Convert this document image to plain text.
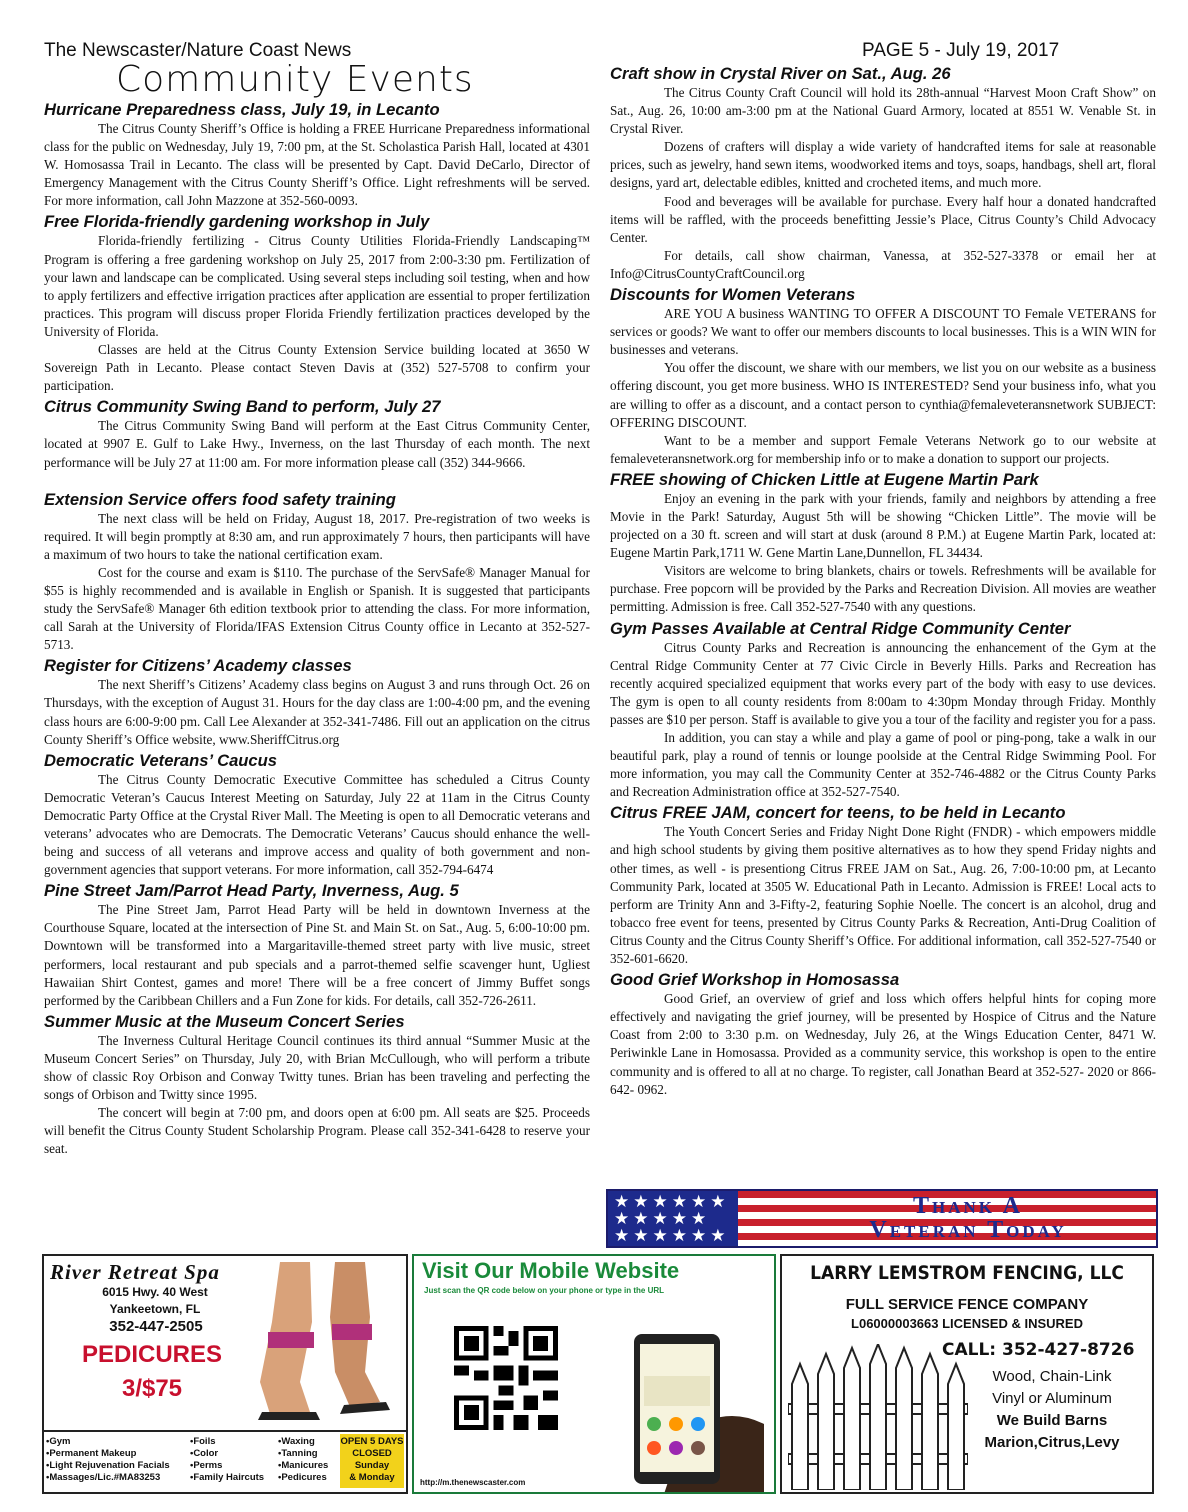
The Newscaster/Nature Coast News	PAGE 5 - July 19, 2017
Community Events
Hurricane Preparedness class, July 19, in Lecanto

The Citrus County Sheriff’s Office is holding a FREE Hurricane Preparedness informational class for the public on Wednesday, July 19, 7:00 pm, at the St. Scholastica Parish Hall, located at 4301 W. Homosassa Trail in Lecanto. The class will be presented by Capt. David DeCarlo, Director of Emergency Management with the Citrus County Sheriff’s Office. Light refreshments will be served. For more information, call John Mazzone at 352-560-0093.

Free Florida-friendly gardening workshop in July

Florida-friendly fertilizing - Citrus County Utilities Florida-Friendly Landscaping™ Program is offering a free gardening workshop on July 25, 2017 from 2:00-3:30 pm. Fertilization of your lawn and landscape can be complicated. Using several steps including soil testing, when and how to apply fertilizers and effective irrigation practices after application are essential to proper fertilization practices. This program will discuss proper Florida Friendly fertilization practices developed by the University of Florida.

Classes are held at the Citrus County Extension Service building located at 3650 W Sovereign Path in Lecanto. Please contact Steven Davis at (352) 527-5708 to confirm your participation.

Citrus Community Swing Band to perform, July 27

The Citrus Community Swing Band will perform at the East Citrus Community Center, located at 9907 E. Gulf to Lake Hwy., Inverness, on the last Thursday of each month. The next performance will be July 27 at 11:00 am. For more information please call (352) 344-9666.

Extension Service offers food safety training

The next class will be held on Friday, August 18, 2017. Pre-registration of two weeks is required. It will begin promptly at 8:30 am, and run approximately 7 hours, then participants will have a maximum of two hours to take the national certification exam.

Cost for the course and exam is $110. The purchase of the ServSafe® Manager Manual for $55 is highly recommended and is available in English or Spanish. It is suggested that participants study the ServSafe® Manager 6th edition textbook prior to attending the class. For more information, call Sarah at the University of Florida/IFAS Extension Citrus County office in Lecanto at 352-527-5713.

Register for Citizens’ Academy classes

The next Sheriff’s Citizens’ Academy class begins on August 3 and runs through Oct. 26 on Thursdays, with the exception of August 31. Hours for the day class are 1:00-4:00 pm, and the evening class hours are 6:00-9:00 pm. Call Lee Alexander at 352-341-7486. Fill out an application on the citrus County Sheriff’s Office website, www.SheriffCitrus.org

Democratic Veterans’ Caucus

The Citrus County Democratic Executive Committee has scheduled a Citrus County Democratic Veteran’s Caucus Interest Meeting on Saturday, July 22 at 11am in the Citrus County Democratic Party Office at the Crystal River Mall. The Meeting is open to all Democratic veterans and veterans’ advocates who are Democrats. The Democratic Veterans’ Caucus should enhance the well-being and success of all veterans and improve access and quality of both government and non-government agencies that support veterans. For more information, call 352-794-6474

Pine Street Jam/Parrot Head Party, Inverness, Aug. 5

The Pine Street Jam, Parrot Head Party will be held in downtown Inverness at the Courthouse Square, located at the intersection of Pine St. and Main St. on Sat., Aug. 5, 6:00-10:00 pm. Downtown will be transformed into a Margaritaville-themed street party with live music, street performers, local restaurant and pub specials and a parrot-themed selfie scavenger hunt, Ugliest Hawaiian Shirt Contest, games and more! There will be a free concert of Jimmy Buffet songs performed by the Caribbean Chillers and a Fun Zone for kids. For details, call 352-726-2611.

Summer Music at the Museum Concert Series

The Inverness Cultural Heritage Council continues its third annual “Summer Music at the Museum Concert Series” on Thursday, July 20, with Brian McCullough, who will perform a tribute show of classic Roy Orbison and Conway Twitty tunes. Brian has been traveling and perfecting the songs of Orbison and Twitty since 1995.

The concert will begin at 7:00 pm, and doors open at 6:00 pm. All seats are $25. Proceeds will benefit the Citrus County Student Scholarship Program. Please call 352-341-6428 to reserve your seat.

Craft show in Crystal River on Sat., Aug. 26

The Citrus County Craft Council will hold its 28th-annual “Harvest Moon Craft Show” on Sat., Aug. 26, 10:00 am-3:00 pm at the National Guard Armory, located at 8551 W. Venable St. in Crystal River.

Dozens of crafters will display a wide variety of handcrafted items for sale at reasonable prices, such as jewelry, hand sewn items, woodworked items and toys, soaps, handbags, shell art, floral designs, yard art, delectable edibles, knitted and crocheted items, and much more.

Food and beverages will be available for purchase. Every half hour a donated handcrafted items will be raffled, with the proceeds benefitting Jessie’s Place, Citrus County’s Child Advocacy Center.

For details, call show chairman, Vanessa, at 352-527-3378 or email her at Info@CitrusCountyCraftCouncil.org

Discounts for Women Veterans

ARE YOU A business WANTING TO OFFER A DISCOUNT TO Female VETERANS for services or goods? We want to offer our members discounts to local businesses. This is a WIN WIN for businesses and veterans.

You offer the discount, we share with our members, we list you on our website as a business offering discount, you get more business. WHO IS INTERESTED? Send your business info, what you are willing to offer as a discount, and a contact person to cynthia@femaleveteransnetwork SUBJECT: OFFERING DISCOUNT.

Want to be a member and support Female Veterans Network go to our website at femaleveteransnetwork.org for membership info or to make a donation to support our projects.

FREE showing of Chicken Little at Eugene Martin Park

Enjoy an evening in the park with your friends, family and neighbors by attending a free Movie in the Park! Saturday, August 5th will be showing “Chicken Little”. The movie will be projected on a 30 ft. screen and will start at dusk (around 8 P.M.) at Eugene Martin Park, located at: Eugene Martin Park,1711 W. Gene Martin Lane,Dunnellon, FL 34434.

Visitors are welcome to bring blankets, chairs or towels. Refreshments will be available for purchase. Free popcorn will be provided by the Parks and Recreation Division. All movies are weather permitting. Admission is free. Call 352-527-7540 with any questions.

Gym Passes Available at Central Ridge Community Center

Citrus County Parks and Recreation is announcing the enhancement of the Gym at the Central Ridge Community Center at 77 Civic Circle in Beverly Hills. Parks and Recreation has recently acquired specialized equipment that works every part of the body with easy to use devices. The gym is open to all county residents from 8:00am to 4:30pm Monday through Friday. Monthly passes are $10 per person. Staff is available to give you a tour of the facility and register you for a pass.

In addition, you can stay a while and play a game of pool or ping-pong, take a walk in our beautiful park, play a round of tennis or lounge poolside at the Central Ridge Swimming Pool. For more information, you may call the Community Center at 352-746-4882 or the Citrus County Parks and Recreation Administration office at 352-527-7540.

Citrus FREE JAM, concert for teens, to be held in Lecanto

The Youth Concert Series and Friday Night Done Right (FNDR) - which empowers middle and high school students by giving them positive alternatives as to how they spend Friday nights and other times, as well - is presentiong Citrus FREE JAM on Sat., Aug. 26, 7:00-10:00 pm, at Lecanto Community Park, located at 3505 W. Educational Path in Lecanto. Admission is FREE! Local acts to perform are Trinity Ann and 3-Fifty-2, featuring Sophie Noelle. The concert is an alcohol, drug and tobacco free event for teens, presented by Citrus County Parks & Recreation, Anti-Drug Coalition of Citrus County and the Citrus County Sheriff’s Office. For additional information, call 352-527-7540 or 352-601-6620.

Good Grief Workshop in Homosassa

Good Grief, an overview of grief and loss which offers helpful hints for coping more effectively and navigating the grief journey, will be presented by Hospice of Citrus and the Nature Coast from 2:00 to 3:30 p.m. on Wednesday, July 26, at the Wings Education Center, 8471 W. Periwinkle Lane in Homosassa. Provided as a community service, this workshop is open to the entire community and is offered to all at no charge. To register, call Jonathan Beard at 352-527- 2020 or 866-642- 0962.

★★★★★★
★★★★★
★★★★★★
Thank A
Veteran Today
River Retreat Spa
6015 Hwy. 40 West
Yankeetown, FL
352-447-2505
PEDICURES
3/$75
•Gym
•Permanent Makeup
•Light Rejuvenation Facials
•Massages/Lic.#MA83253
•Foils
•Color
•Perms
•Family Haircuts
•Waxing
•Tanning
•Manicures
•Pedicures
OPEN 5 DAYS
CLOSED
Sunday
& Monday
Visit Our Mobile Website
Just scan the QR code below on your phone or type in the URL
http://m.thenewscaster.com
LARRY LEMSTROM FENCING, LLC
FULL SERVICE FENCE COMPANY
L06000003663 LICENSED & INSURED
CALL: 352-427-8726
Wood, Chain-Link
Vinyl or Aluminum
We Build Barns
Marion,Citrus,Levy
